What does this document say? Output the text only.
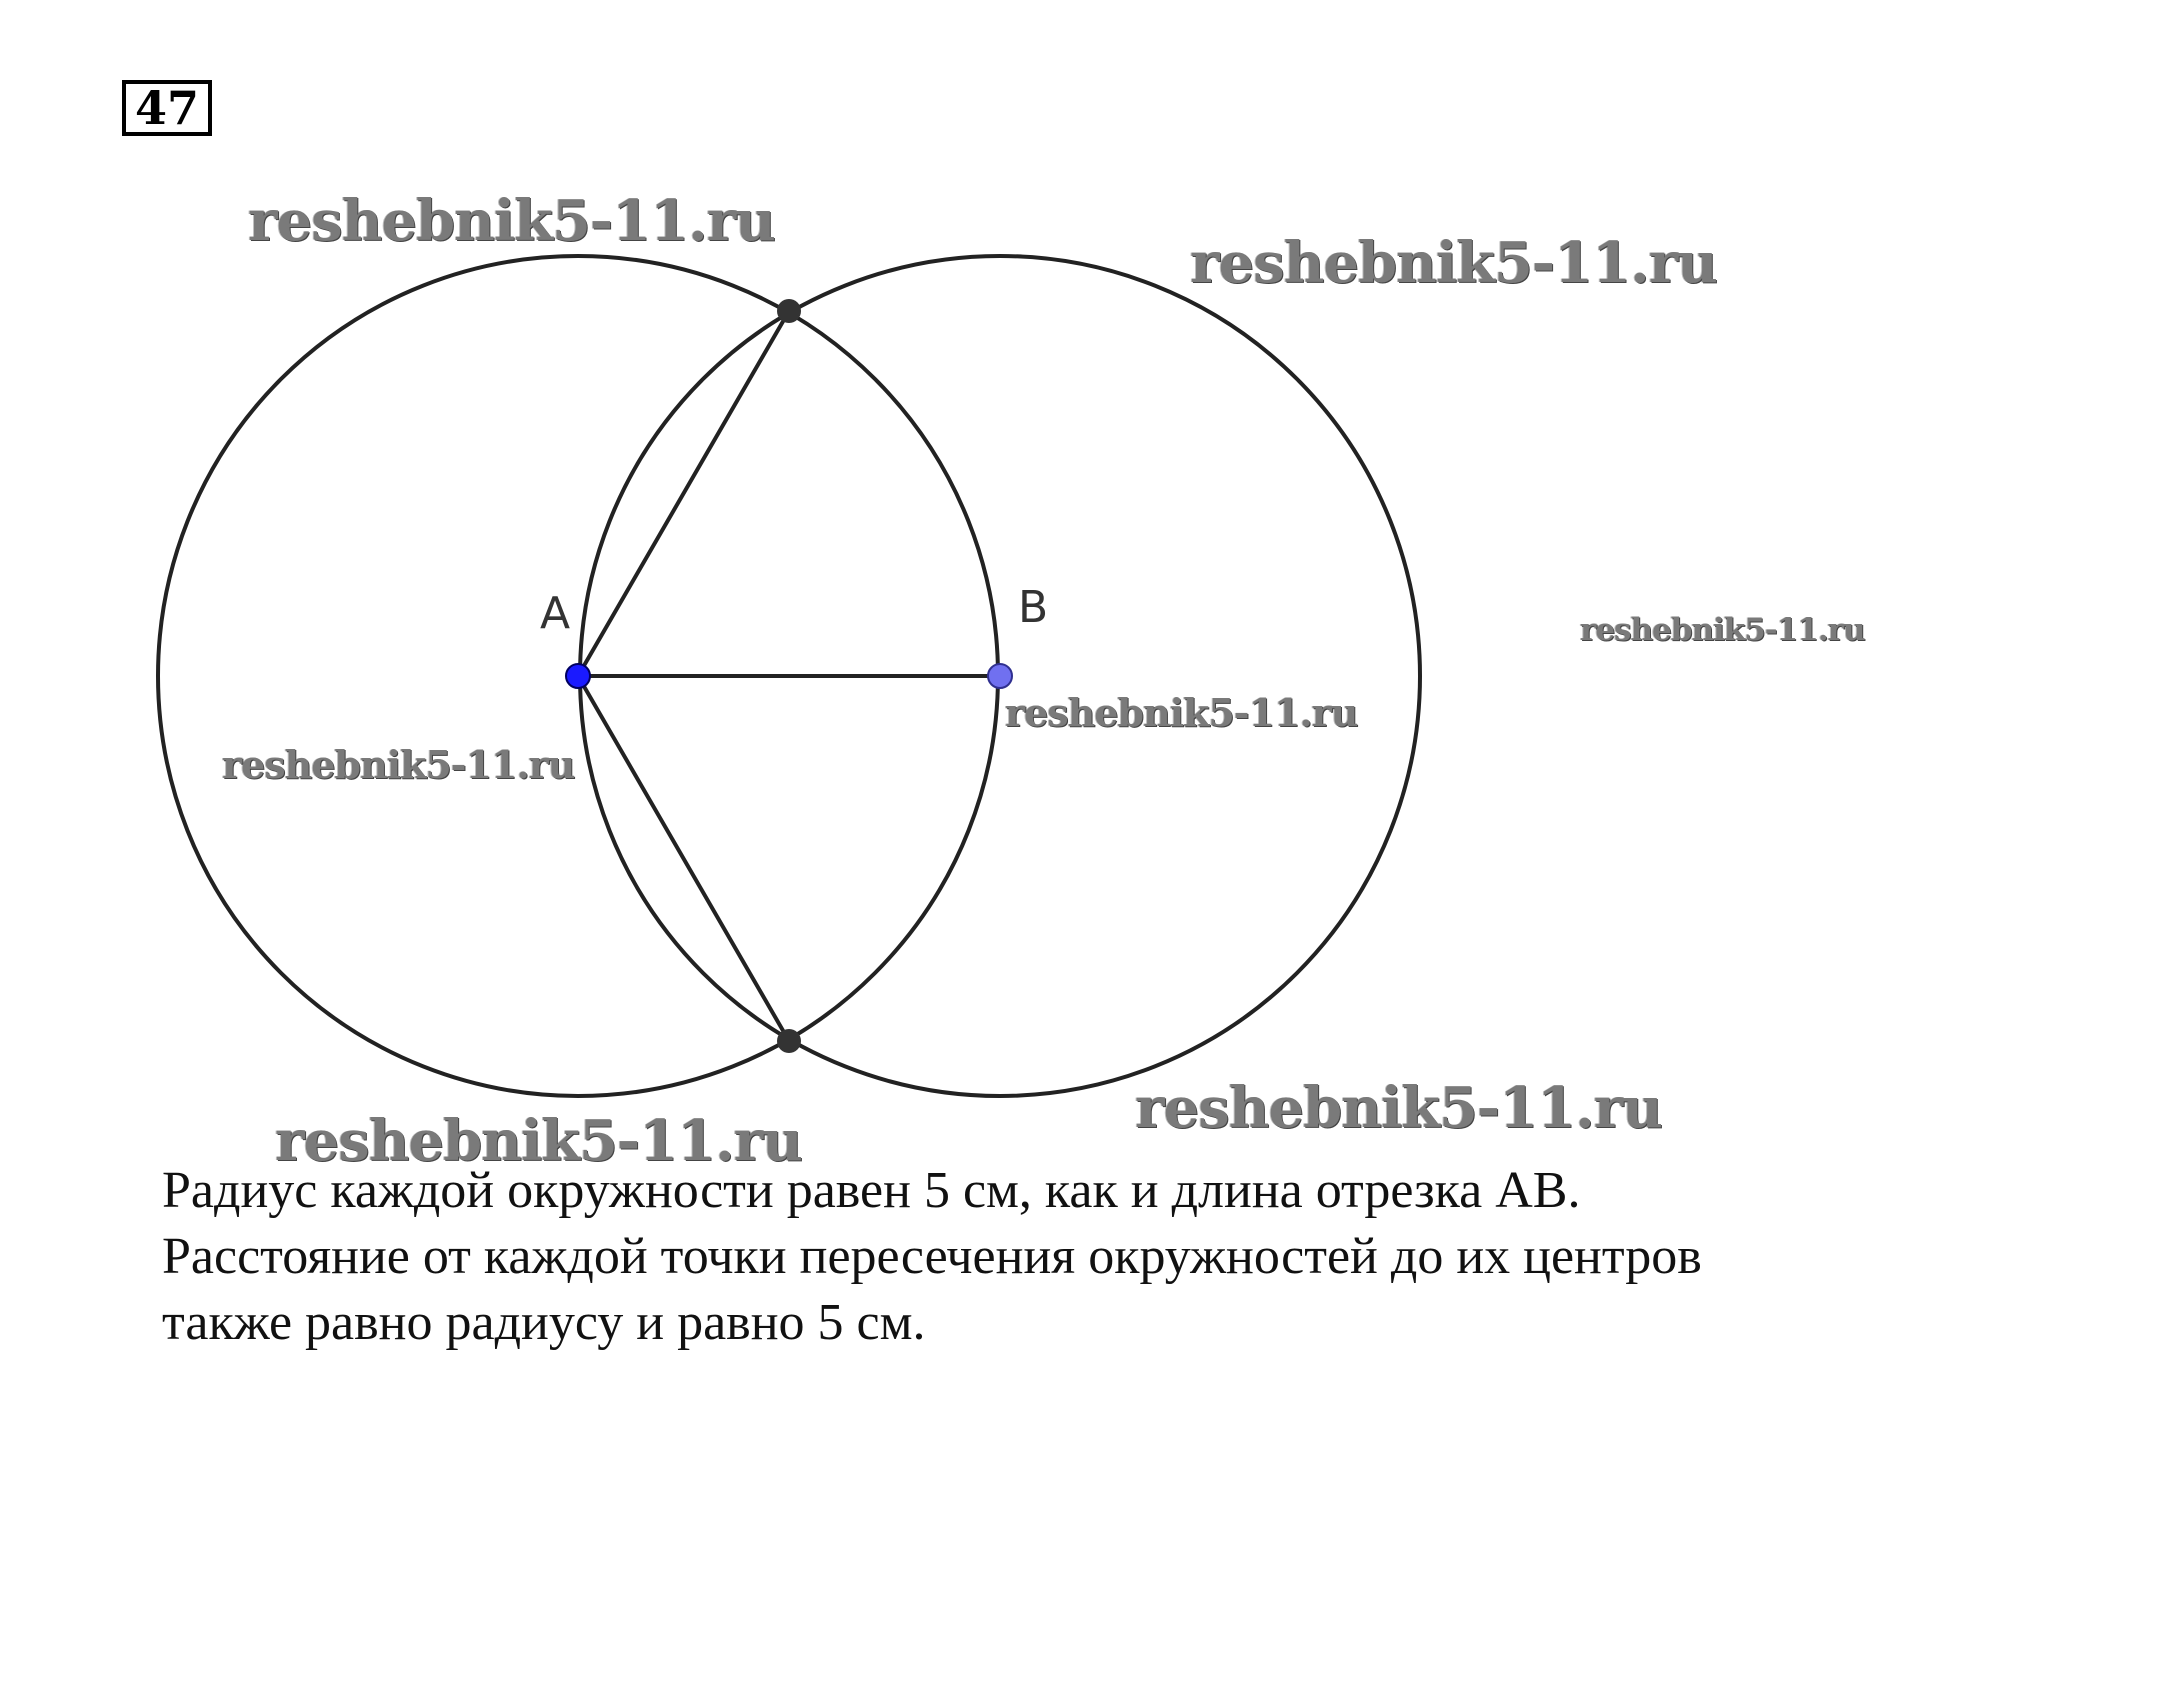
47
A	B
reshebnik5-11.ru
reshebnik5-11.ru
reshebnik5-11.ru
reshebnik5-11.ru
reshebnik5-11.ru
reshebnik5-11.ru
reshebnik5-11.ru
Радиус каждой окружности равен 5 см, как и длина отрезка AB.
Расстояние от каждой точки пересечения окружностей до их центров
также равно радиусу и равно 5 см.
